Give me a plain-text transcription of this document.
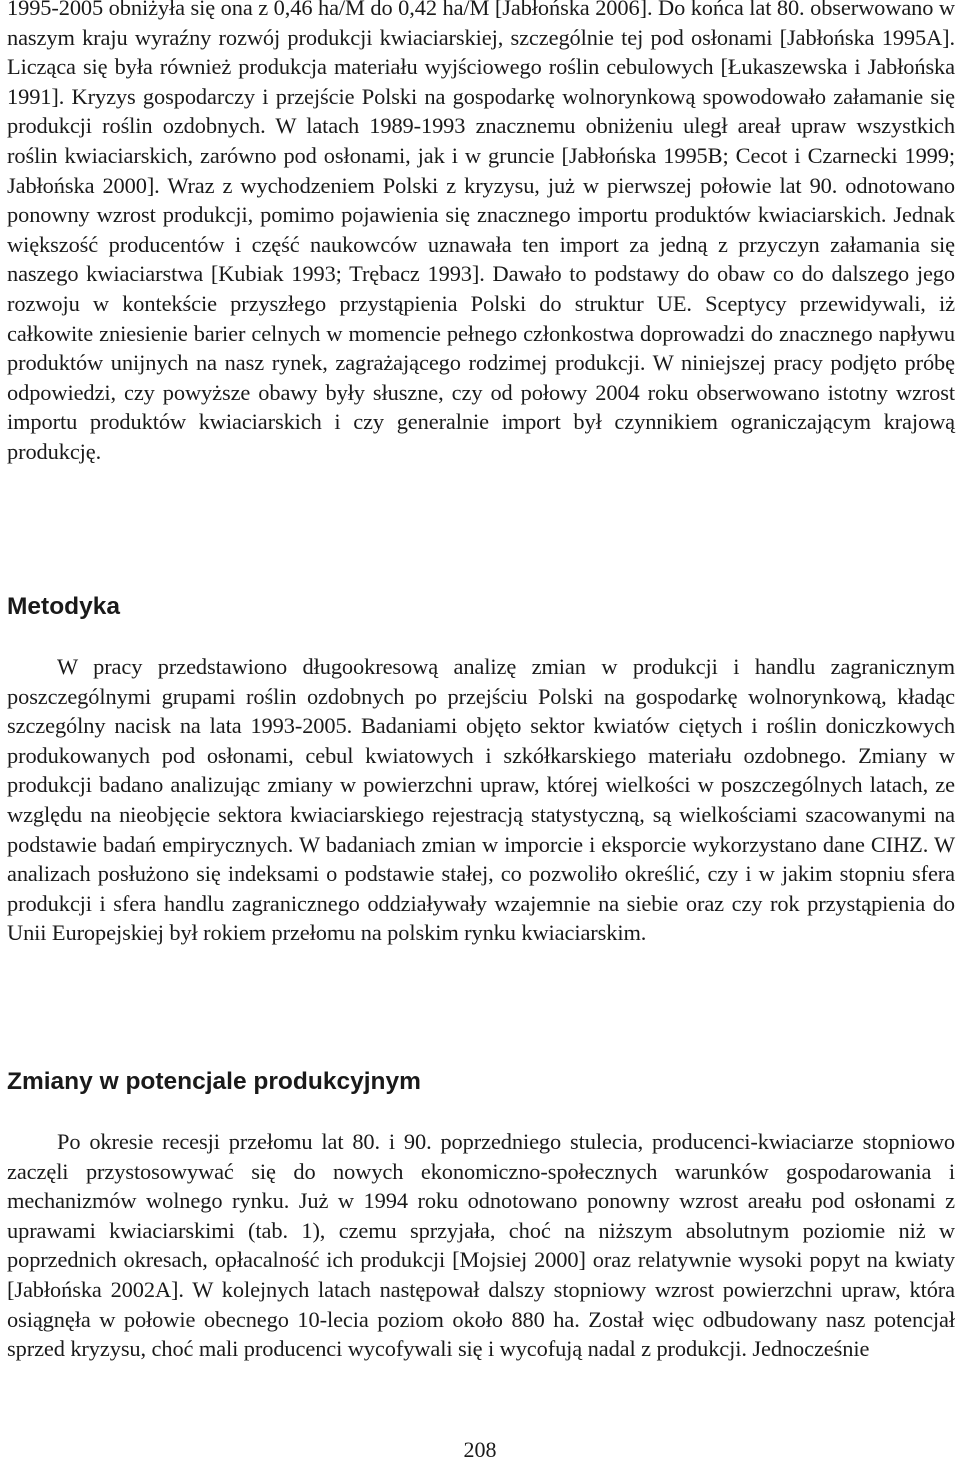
1995-2005 obniżyła się ona z 0,46 ha/M do 0,42 ha/M [Jabłońska 2006]. Do końca lat 80. obserwowano w naszym kraju wyraźny rozwój produkcji kwiaciarskiej, szczególnie tej pod osłonami [Jabłońska 1995A]. Licząca się była również produkcja materiału wyjściowego roślin cebulowych [Łukaszewska i Jabłońska 1991]. Kryzys gospodarczy i przejście Polski na gospodarkę wolnorynkową spowodowało załamanie się produkcji roślin ozdobnych. W latach 1989-1993 znacznemu obniżeniu uległ areał upraw wszystkich roślin kwiaciarskich, zarówno pod osłonami, jak i w gruncie [Jabłońska 1995B; Cecot i Czarnecki 1999; Jabłońska 2000]. Wraz z wychodzeniem Polski z kryzysu, już w pierwszej połowie lat 90. odnotowano ponowny wzrost produkcji, pomimo pojawienia się znacznego importu produktów kwiaciarskich. Jednak większość producentów i część naukowców uznawała ten import za jedną z przyczyn załamania się naszego kwiaciarstwa [Kubiak 1993; Trębacz 1993]. Dawało to podstawy do obaw co do dalszego jego rozwoju w kontekście przyszłego przystąpienia Polski do struktur UE. Sceptycy przewidywali, iż całkowite zniesienie barier celnych w momencie pełnego członkostwa doprowadzi do znacznego napływu produktów unijnych na nasz rynek, zagrażającego rodzimej produkcji. W niniejszej pracy podjęto próbę odpowiedzi, czy powyższe obawy były słuszne, czy od połowy 2004 roku obserwowano istotny wzrost importu produktów kwiaciarskich i czy generalnie import był czynnikiem ograniczającym krajową produkcję.

Metodyka

W pracy przedstawiono długookresową analizę zmian w produkcji i handlu zagranicznym poszczególnymi grupami roślin ozdobnych po przejściu Polski na gospodarkę wolnorynkową, kładąc szczególny nacisk na lata 1993-2005. Badaniami objęto sektor kwiatów ciętych i roślin doniczkowych produkowanych pod osłonami, cebul kwiatowych i szkółkarskiego materiału ozdobnego. Zmiany w produkcji badano analizując zmiany w powierzchni upraw, której wielkości w poszczególnych latach, ze względu na nieobjęcie sektora kwiaciarskiego rejestracją statystyczną, są wielkościami szacowanymi na podstawie badań empirycznych. W badaniach zmian w imporcie i eksporcie wykorzystano dane CIHZ. W analizach posłużono się indeksami o podstawie stałej, co pozwoliło określić, czy i w jakim stopniu sfera produkcji i sfera handlu zagranicznego oddziaływały wzajemnie na siebie oraz czy rok przystąpienia do Unii Europejskiej był rokiem przełomu na polskim rynku kwiaciarskim.

Zmiany w potencjale produkcyjnym

Po okresie recesji przełomu lat 80. i 90. poprzedniego stulecia, producenci-kwiaciarze stopniowo zaczęli przystosowywać się do nowych ekonomiczno-społecznych warunków gospodarowania i mechanizmów wolnego rynku. Już w 1994 roku odnotowano ponowny wzrost areału pod osłonami z uprawami kwiaciarskimi (tab. 1), czemu sprzyjała, choć na niższym absolutnym poziomie niż w poprzednich okresach, opłacalność ich produkcji [Mojsiej 2000] oraz relatywnie wysoki popyt na kwiaty [Jabłońska 2002A]. W kolejnych latach następował dalszy stopniowy wzrost powierzchni upraw, która osiągnęła w połowie obecnego 10-lecia poziom około 880 ha. Został więc odbudowany nasz potencjał sprzed kryzysu, choć mali producenci wycofywali się i wycofują nadal z produkcji. Jednocześnie

208
